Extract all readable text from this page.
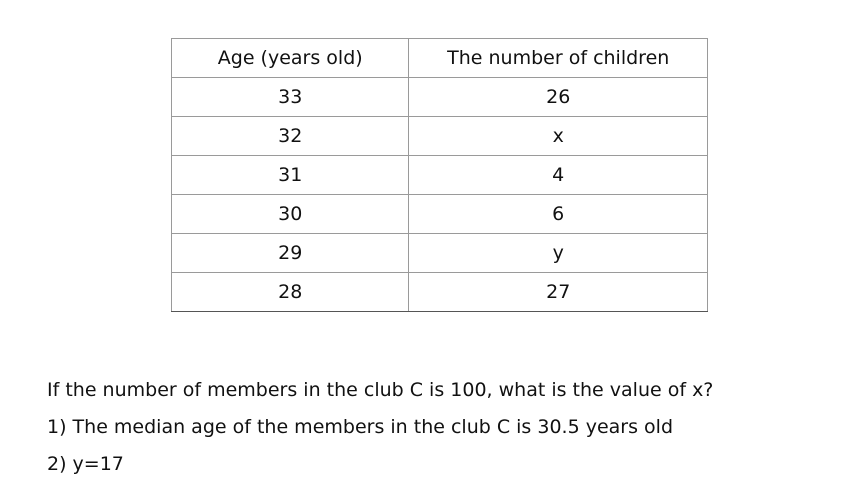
Age (years old)	The number of children
33	26
32	x
31	4
30	6
29	y
28	27

If the number of members in the club C is 100, what is the value of x?

1) The median age of the members in the club C is 30.5 years old

2) y=17
